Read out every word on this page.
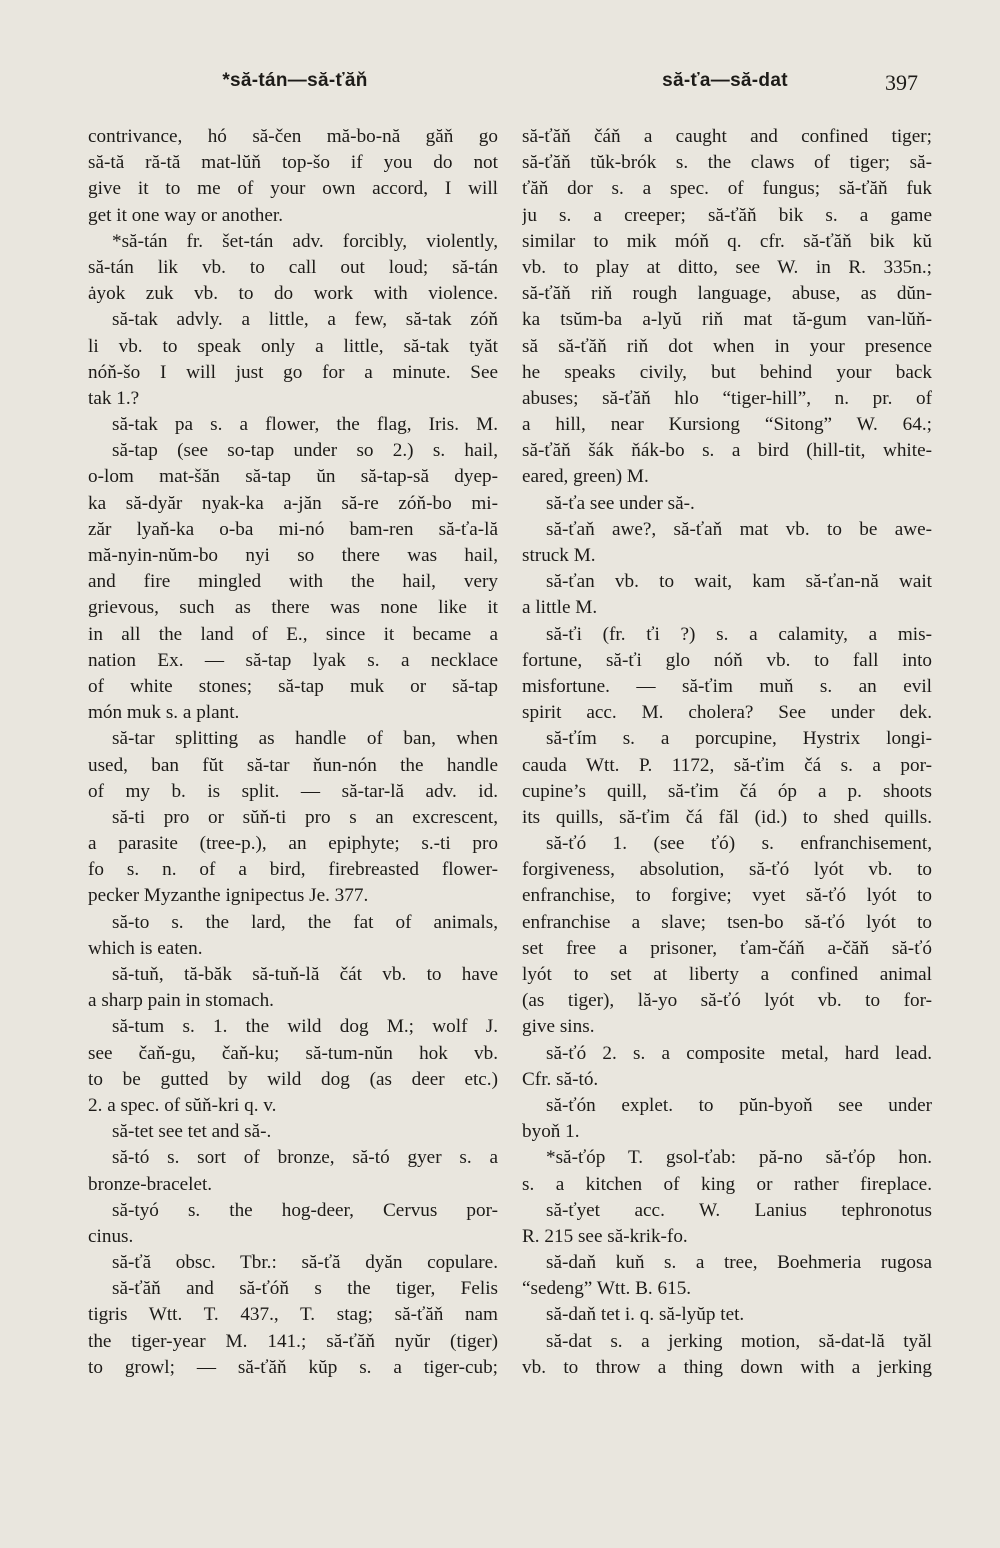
*să-tán—să-ťăň	să-ťa—să-dat	397
contrivance, hó să-čen mă-bo-nă găň go
să-tă ră-tă mat-lŭň top-šo if you do not
give it to me of your own accord, I will
get it one way or another.
*să-tán fr. šet-tán adv. forcibly, violently,
să-tán lik vb. to call out loud; să-tán
ȧyok zuk vb. to do work with violence.
să-tak advly. a little, a few, să-tak zóň
li vb. to speak only a little, să-tak tyăt
nóň-šo I will just go for a minute. See
tak 1.?
să-tak pa s. a flower, the flag, Iris. M.
să-tap (see so-tap under so 2.) s. hail,
o-lom mat-šăn să-tap ŭn să-tap-să dyep-
ka să-dyăr nyak-ka a-jăn să-re zóň-bo mi-
zăr lyaň-ka o-ba mi-nó bam-ren să-ťa-lă
mă-nyin-nŭm-bo nyi so there was hail,
and fire mingled with the hail, very
grievous, such as there was none like it
in all the land of E., since it became a
nation Ex. — să-tap lyak s. a necklace
of white stones; să-tap muk or să-tap
món muk s. a plant.
să-tar splitting as handle of ban, when
used, ban fŭt să-tar ňun-nón the handle
of my b. is split. — să-tar-lă adv. id.
să-ti pro or sŭň-ti pro s an excrescent,
a parasite (tree-p.), an epiphyte; s.-ti pro
fo s. n. of a bird, firebreasted flower-
pecker Myzanthe ignipectus Je. 377.
să-to s. the lard, the fat of animals,
which is eaten.
să-tuň, tă-băk să-tuň-lă čát vb. to have
a sharp pain in stomach.
să-tum s. 1. the wild dog M.; wolf J.
see čaň-gu, čaň-ku; să-tum-nŭn hok vb.
to be gutted by wild dog (as deer etc.)
2. a spec. of sŭň-kri q. v.
să-tet see tet and să-.
să-tó s. sort of bronze, să-tó gyer s. a
bronze-bracelet.
să-tyó s. the hog-deer, Cervus por-
cinus.
să-ťă obsc. Tbr.: să-ťă dyăn copulare.
să-ťăň and să-ťóň s the tiger, Felis
tigris Wtt. T. 437., T. stag; să-ťăň nam
the tiger-year M. 141.; să-ťăň nyŭr (tiger)
to growl; — să-ťăň kŭp s. a tiger-cub;
să-ťăň čáň a caught and confined tiger;
să-ťăň tŭk-brók s. the claws of tiger; să-
ťăň dor s. a spec. of fungus; să-ťăň fuk
ju s. a creeper; să-ťăň bik s. a game
similar to mik móň q. cfr. să-ťăň bik kŭ
vb. to play at ditto, see W. in R. 335n.;
să-ťăň riň rough language, abuse, as dŭn-
ka tsŭm-ba a-lyŭ riň mat tă-gum van-lŭň-
să să-ťăň riň dot when in your presence
he speaks civily, but behind your back
abuses; să-ťăň hlo “tiger-hill”, n. pr. of
a hill, near Kursiong “Sitong” W. 64.;
să-ťăň šák ňák-bo s. a bird (hill-tit, white-
eared, green) M.
să-ťa see under să-.
să-ťaň awe?, să-ťaň mat vb. to be awe-
struck M.
să-ťan vb. to wait, kam să-ťan-nă wait
a little M.
să-ťi (fr. ťi ?) s. a calamity, a mis-
fortune, să-ťi glo nóň vb. to fall into
misfortune. — să-ťim muň s. an evil
spirit acc. M. cholera? See under dek.
să-ťím s. a porcupine, Hystrix longi-
cauda Wtt. P. 1172, să-ťim čá s. a por-
cupine’s quill, să-ťim čá óp a p. shoots
its quills, să-ťim čá făl (id.) to shed quills.
să-ťó 1. (see ťó) s. enfranchisement,
forgiveness, absolution, să-ťó lyót vb. to
enfranchise, to forgive; vyet să-ťó lyót to
enfranchise a slave; tsen-bo să-ťó lyót to
set free a prisoner, ťam-čáň a-čăň să-ťó
lyót to set at liberty a confined animal
(as tiger), lă-yo să-ťó lyót vb. to for-
give sins.
să-ťó 2. s. a composite metal, hard lead.
Cfr. să-tó.
să-ťón explet. to pŭn-byoň see under
byoň 1.
*să-ťóp T. gsol-ťab: pă-no să-ťóp hon.
s. a kitchen of king or rather fireplace.
să-ťyet acc. W. Lanius tephronotus
R. 215 see să-krik-fo.
să-daň kuň s. a tree, Boehmeria rugosa
“sedeng” Wtt. B. 615.
să-daň tet i. q. să-lyŭp tet.
să-dat s. a jerking motion, să-dat-lă tyăl
vb. to throw a thing down with a jerking
